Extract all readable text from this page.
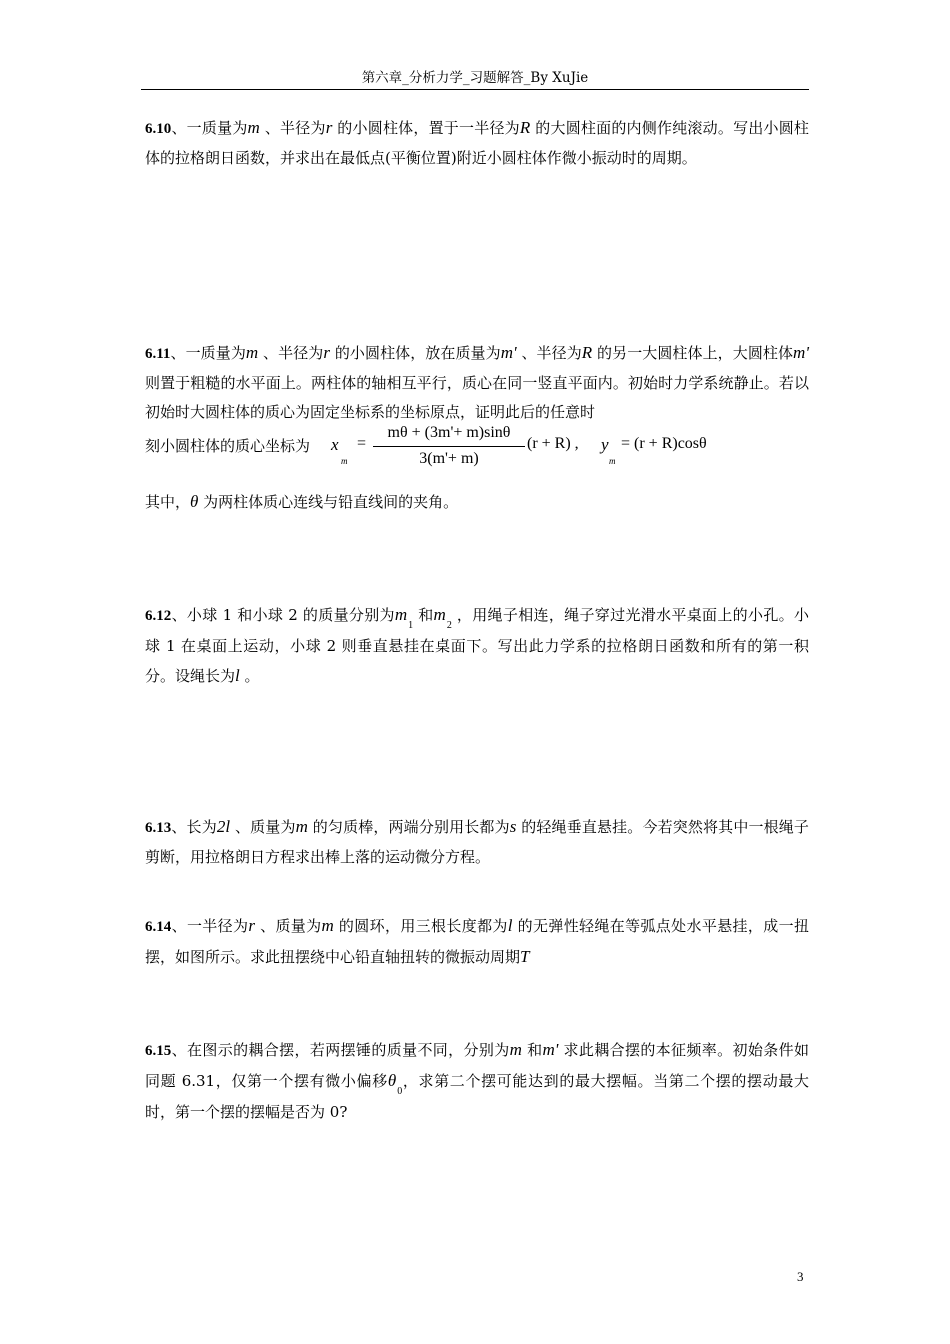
第六章_分析力学_习题解答_By XuJie
6.10、一质量为m 、半径为r 的小圆柱体，置于一半径为R 的大圆柱面的内侧作纯滚动。写出小圆柱体的拉格朗日函数，并求出在最低点(平衡位置)附近小圆柱体作微小振动时的周期。
6.11、一质量为m 、半径为r 的小圆柱体，放在质量为m' 、半径为R 的另一大圆柱体上，大圆柱体m' 则置于粗糙的水平面上。两柱体的轴相互平行，质心在同一竖直平面内。初始时力学系统静止。若以初始时大圆柱体的质心为固定坐标系的坐标原点，证明此后的任意时
刻小圆柱体的质心坐标为 x
m
=
mθ + (3m'+ m)sinθ
3(m'+ m)
(r + R) , y
m
= (r + R)cosθ
其中，θ 为两柱体质心连线与铅直线间的夹角。
6.12、小球 1 和小球 2 的质量分别为$m_1$ 和$m_2$ ，用绳子相连，绳子穿过光滑水平桌面上的小孔。小球 1 在桌面上运动，小球 2 则垂直悬挂在桌面下。写出此力学系的拉格朗日函数和所有的第一积分。设绳长为l 。
6.13、长为2l 、质量为m 的匀质棒，两端分别用长都为s 的轻绳垂直悬挂。今若突然将其中一根绳子剪断，用拉格朗日方程求出棒上落的运动微分方程。
6.14、一半径为r 、质量为m 的圆环，用三根长度都为l 的无弹性轻绳在等弧点处水平悬挂，成一扭摆，如图所示。求此扭摆绕中心铅直轴扭转的微振动周期T
6.15、在图示的耦合摆，若两摆锤的质量不同，分别为m 和m' 求此耦合摆的本征频率。初始条件如同题 6.31，仅第一个摆有微小偏移$\theta_0$，求第二个摆可能达到的最大摆幅。当第二个摆的摆动最大时，第一个摆的摆幅是否为 0?
3
